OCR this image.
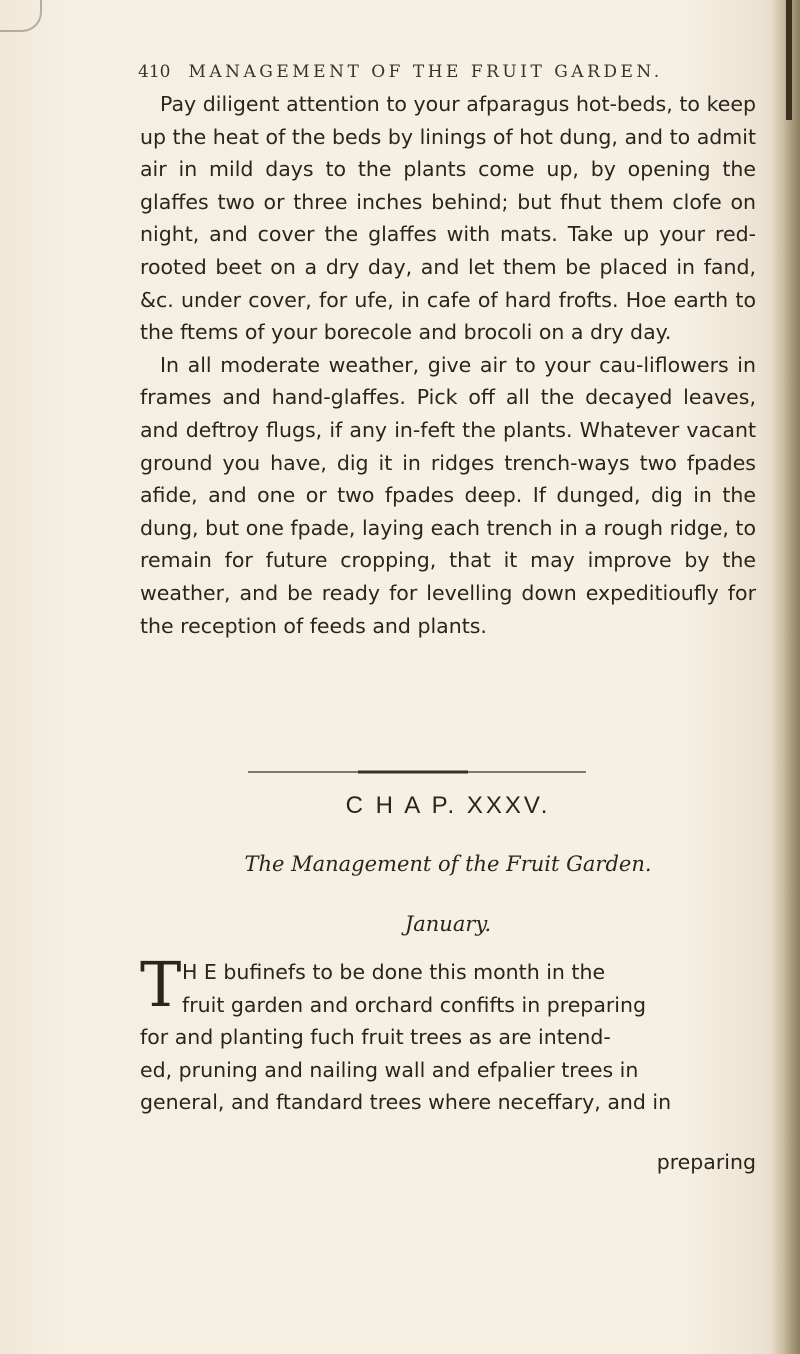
410 MANAGEMENT OF THE FRUIT GARDEN.

Pay diligent attention to your afparagus hot-beds, to keep up the heat of the beds by linings of hot dung, and to admit air in mild days to the plants come up, by opening the glaffes two or three inches behind; but fhut them clofe on night, and cover the glaffes with mats. Take up your red-rooted beet on a dry day, and let them be placed in fand, &c. under cover, for ufe, in cafe of hard frofts. Hoe earth to the ftems of your borecole and brocoli on a dry day.

In all moderate weather, give air to your cau-liflowers in frames and hand-glaffes. Pick off all the decayed leaves, and deftroy flugs, if any in-feft the plants. Whatever vacant ground you have, dig it in ridges trench-ways two fpades afide, and one or two fpades deep. If dunged, dig in the dung, but one fpade, laying each trench in a rough ridge, to remain for future cropping, that it may improve by the weather, and be ready for levelling down expeditioufly for the reception of feeds and plants.

C H A P. XXXV.
The Management of the Fruit Garden.
January.
T H E bufinefs to be done this month in the
fruit garden and orchard confifts in preparing
for and planting fuch fruit trees as are intend-
ed, pruning and nailing wall and efpalier trees in
general, and ftandard trees where neceffary, and in
preparing
